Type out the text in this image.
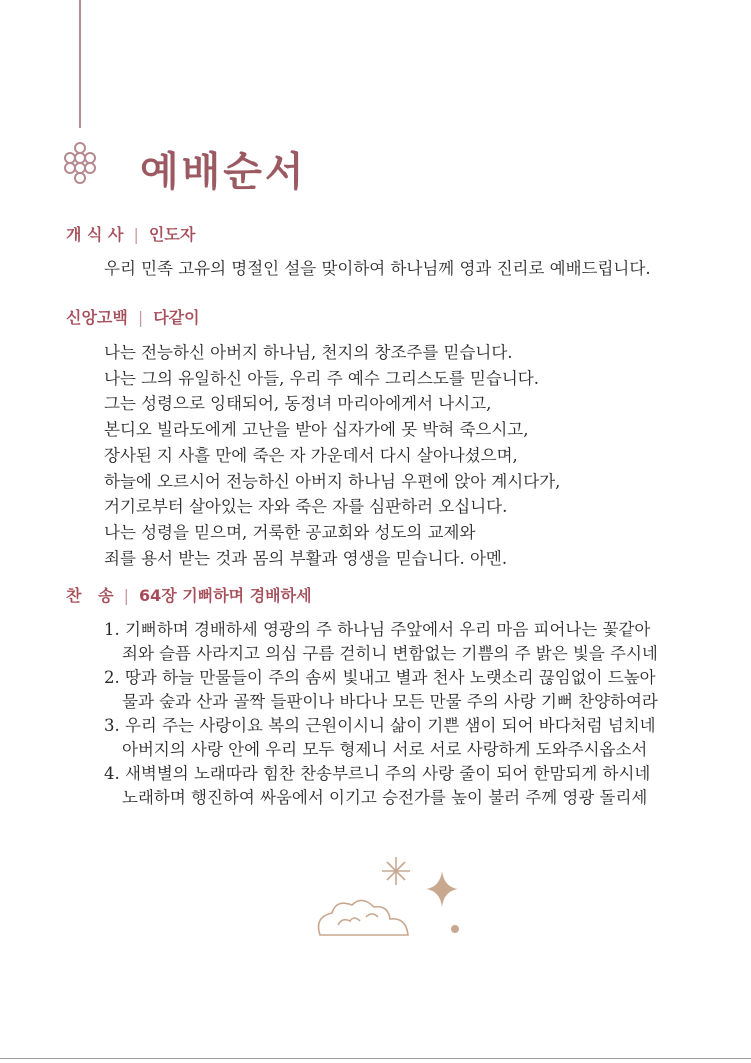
예배순서
개 식 사 | 인도자

우리 민족 고유의 명절인 설을 맞이하여 하나님께 영과 진리로 예배드립니다.

신앙고백 | 다같이
나는 전능하신 아버지 하나님, 천지의 창조주를 믿습니다.
나는 그의 유일하신 아들, 우리 주 예수 그리스도를 믿습니다.
그는 성령으로 잉태되어, 동정녀 마리아에게서 나시고,
본디오 빌라도에게 고난을 받아 십자가에 못 박혀 죽으시고,
장사된 지 사흘 만에 죽은 자 가운데서 다시 살아나셨으며,
하늘에 오르시어 전능하신 아버지 하나님 우편에 앉아 계시다가,
거기로부터 살아있는 자와 죽은 자를 심판하러 오십니다.
나는 성령을 믿으며, 거룩한 공교회와 성도의 교제와
죄를 용서 받는 것과 몸의 부활과 영생을 믿습니다. 아멘.
찬   송 | 64장 기뻐하며 경배하세
1. 기뻐하며 경배하세 영광의 주 하나님 주앞에서 우리 마음 피어나는 꽃같아
죄와 슬픔 사라지고 의심 구름 걷히니 변함없는 기쁨의 주 밝은 빛을 주시네
2. 땅과 하늘 만물들이 주의 솜씨 빛내고 별과 천사 노랫소리 끊임없이 드높아
물과 숲과 산과 골짝 들판이나 바다나 모든 만물 주의 사랑 기뻐 찬양하여라
3. 우리 주는 사랑이요 복의 근원이시니 삶이 기쁜 샘이 되어 바다처럼 넘치네
아버지의 사랑 안에 우리 모두 형제니 서로 서로 사랑하게 도와주시옵소서
4. 새벽별의 노래따라 힘찬 찬송부르니 주의 사랑 줄이 되어 한맘되게 하시네
노래하며 행진하여 싸움에서 이기고 승전가를 높이 불러 주께 영광 돌리세
